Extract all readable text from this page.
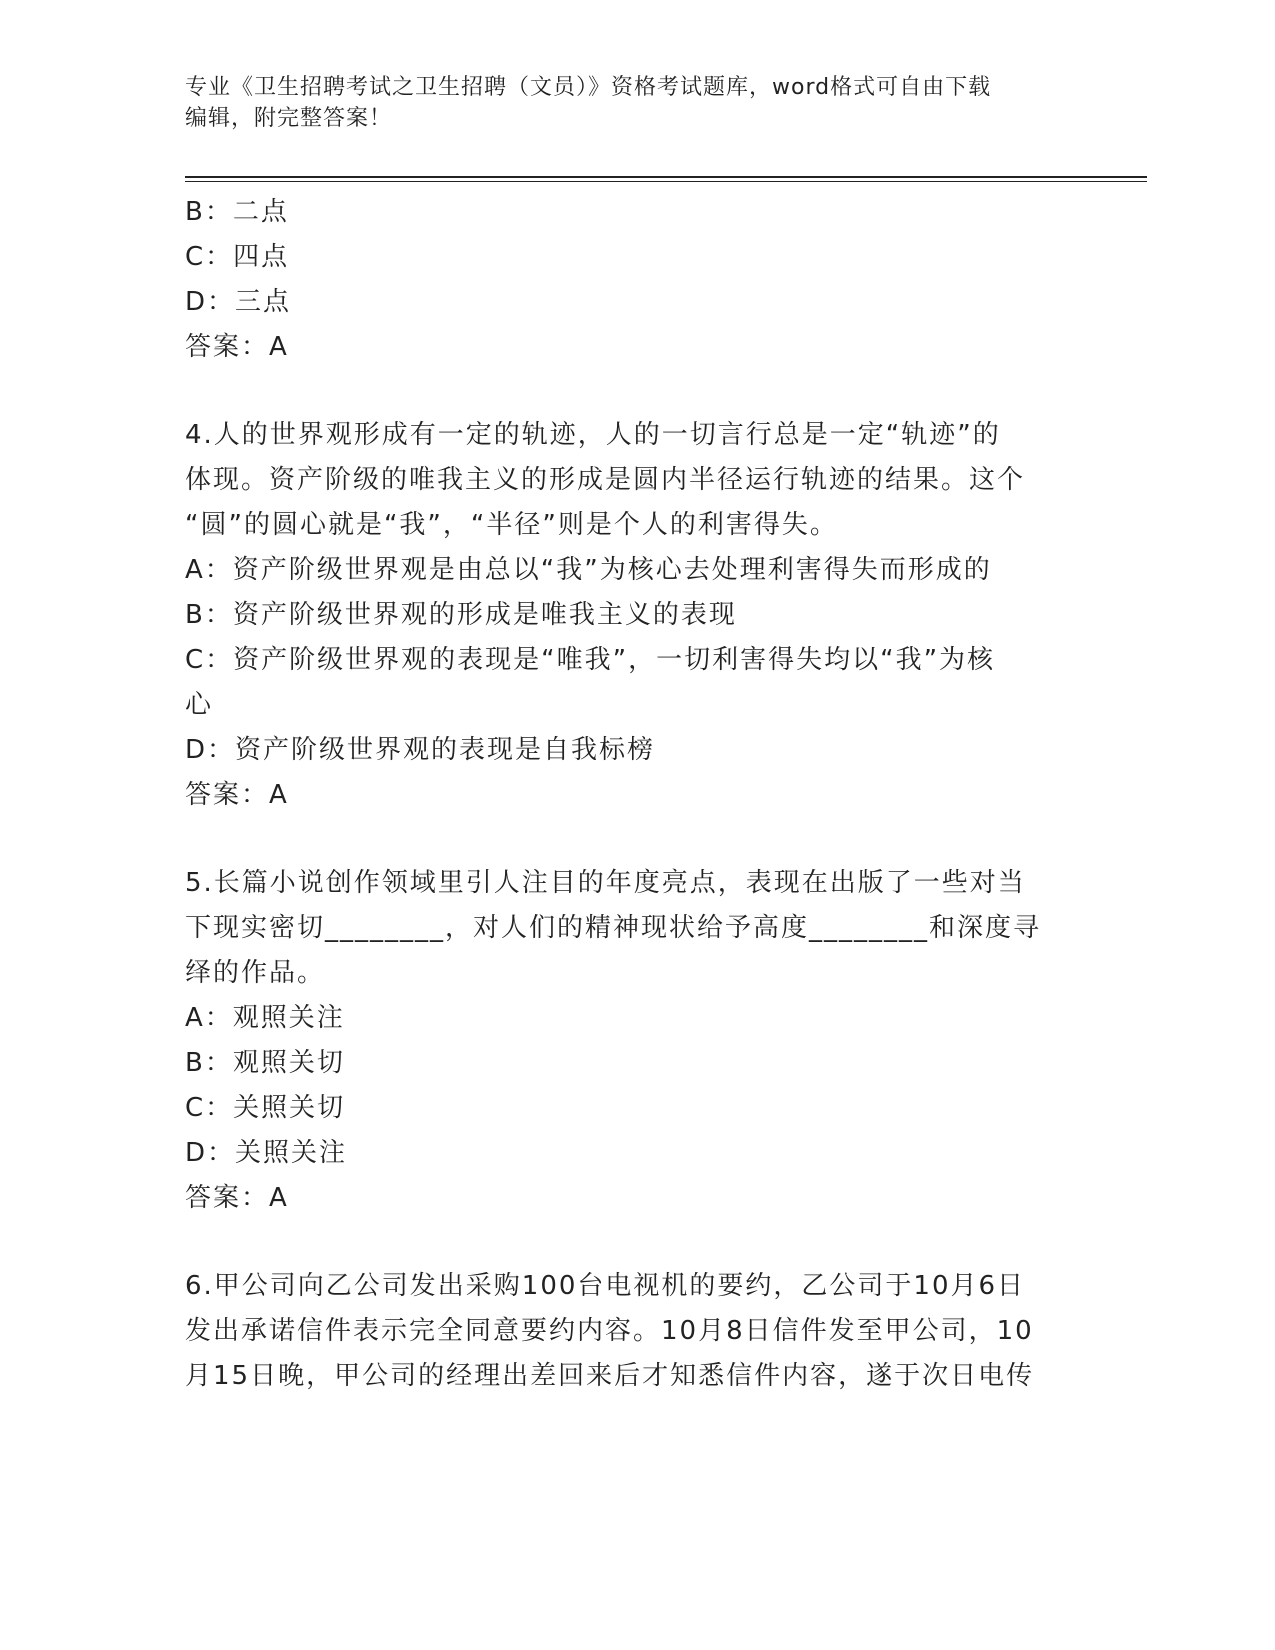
专业《卫生招聘考试之卫生招聘（文员）》资格考试题库，word格式可自由下载
编辑，附完整答案！
B：二点
C：四点
D：三点
答案：A
4.人的世界观形成有一定的轨迹，人的一切言行总是一定“轨迹”的
体现。资产阶级的唯我主义的形成是圆内半径运行轨迹的结果。这个
“圆”的圆心就是“我”，“半径”则是个人的利害得失。
A：资产阶级世界观是由总以“我”为核心去处理利害得失而形成的
B：资产阶级世界观的形成是唯我主义的表现
C：资产阶级世界观的表现是“唯我”，一切利害得失均以“我”为核
心
D：资产阶级世界观的表现是自我标榜
答案：A
5.长篇小说创作领域里引人注目的年度亮点，表现在出版了一些对当
下现实密切________，对人们的精神现状给予高度________和深度寻
绎的作品。
A：观照关注
B：观照关切
C：关照关切
D：关照关注
答案：A
6.甲公司向乙公司发出采购100台电视机的要约，乙公司于10月6日
发出承诺信件表示完全同意要约内容。10月8日信件发至甲公司，10
月15日晚，甲公司的经理出差回来后才知悉信件内容，遂于次日电传
